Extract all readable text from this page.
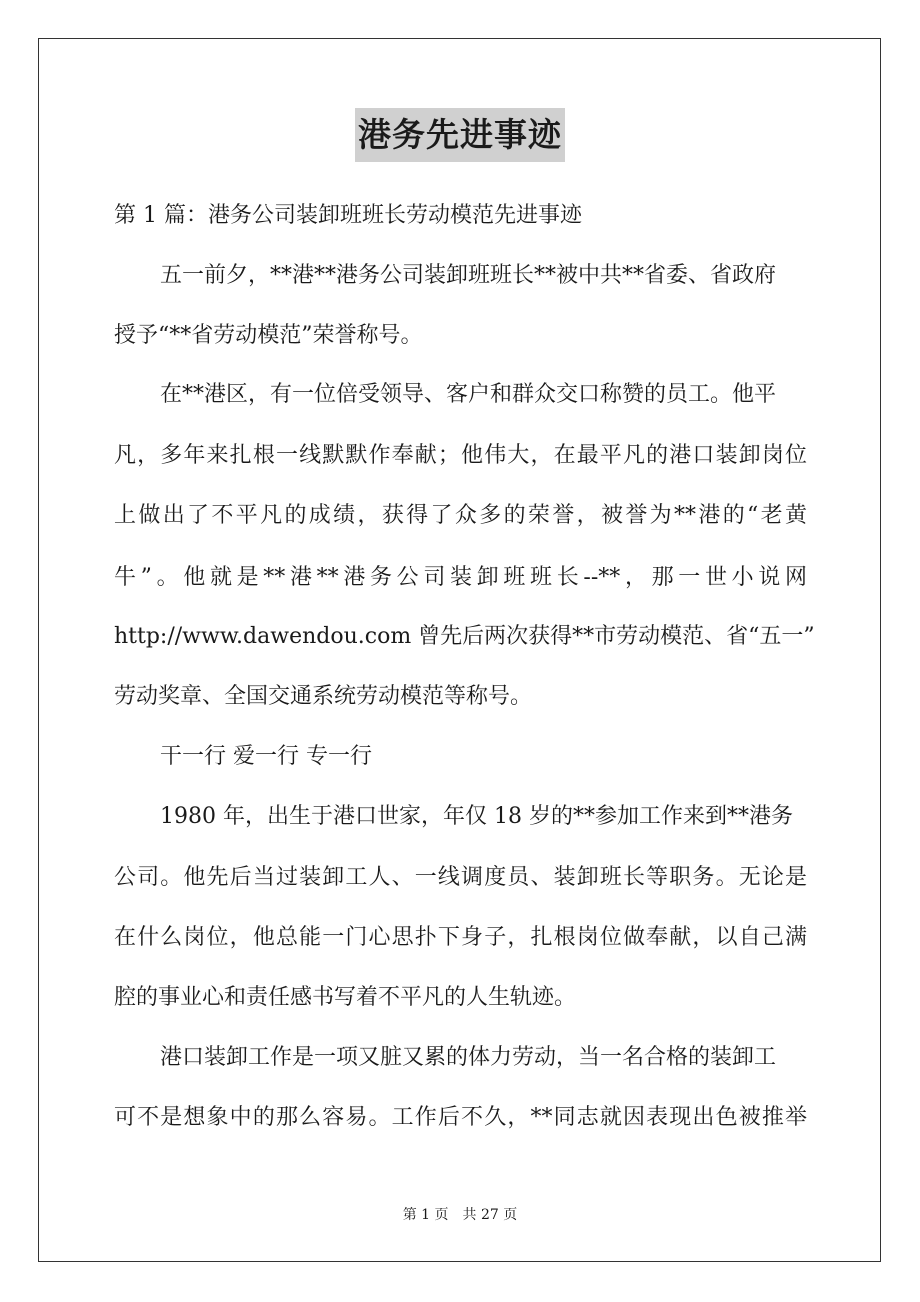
港务先进事迹
第 1 篇：港务公司装卸班班长劳动模范先进事迹
五一前夕，**港**港务公司装卸班班长**被中共**省委、省政府
授予“**省劳动模范”荣誉称号。
在**港区，有一位倍受领导、客户和群众交口称赞的员工。他平
凡，多年来扎根一线默默作奉献；他伟大，在最平凡的港口装卸岗位
上做出了不平凡的成绩，获得了众多的荣誉，被誉为**港的“老黄
牛”。他就是**港**港务公司装卸班班长--**，那一世小说网
http://www.dawendou.com 曾先后两次获得**市劳动模范、省“五一”
劳动奖章、全国交通系统劳动模范等称号。
干一行 爱一行 专一行
1980 年，出生于港口世家，年仅 18 岁的**参加工作来到**港务
公司。他先后当过装卸工人、一线调度员、装卸班长等职务。无论是
在什么岗位，他总能一门心思扑下身子，扎根岗位做奉献，以自己满
腔的事业心和责任感书写着不平凡的人生轨迹。
港口装卸工作是一项又脏又累的体力劳动，当一名合格的装卸工
可不是想象中的那么容易。工作后不久，**同志就因表现出色被推举
第 1 页　共 27 页
